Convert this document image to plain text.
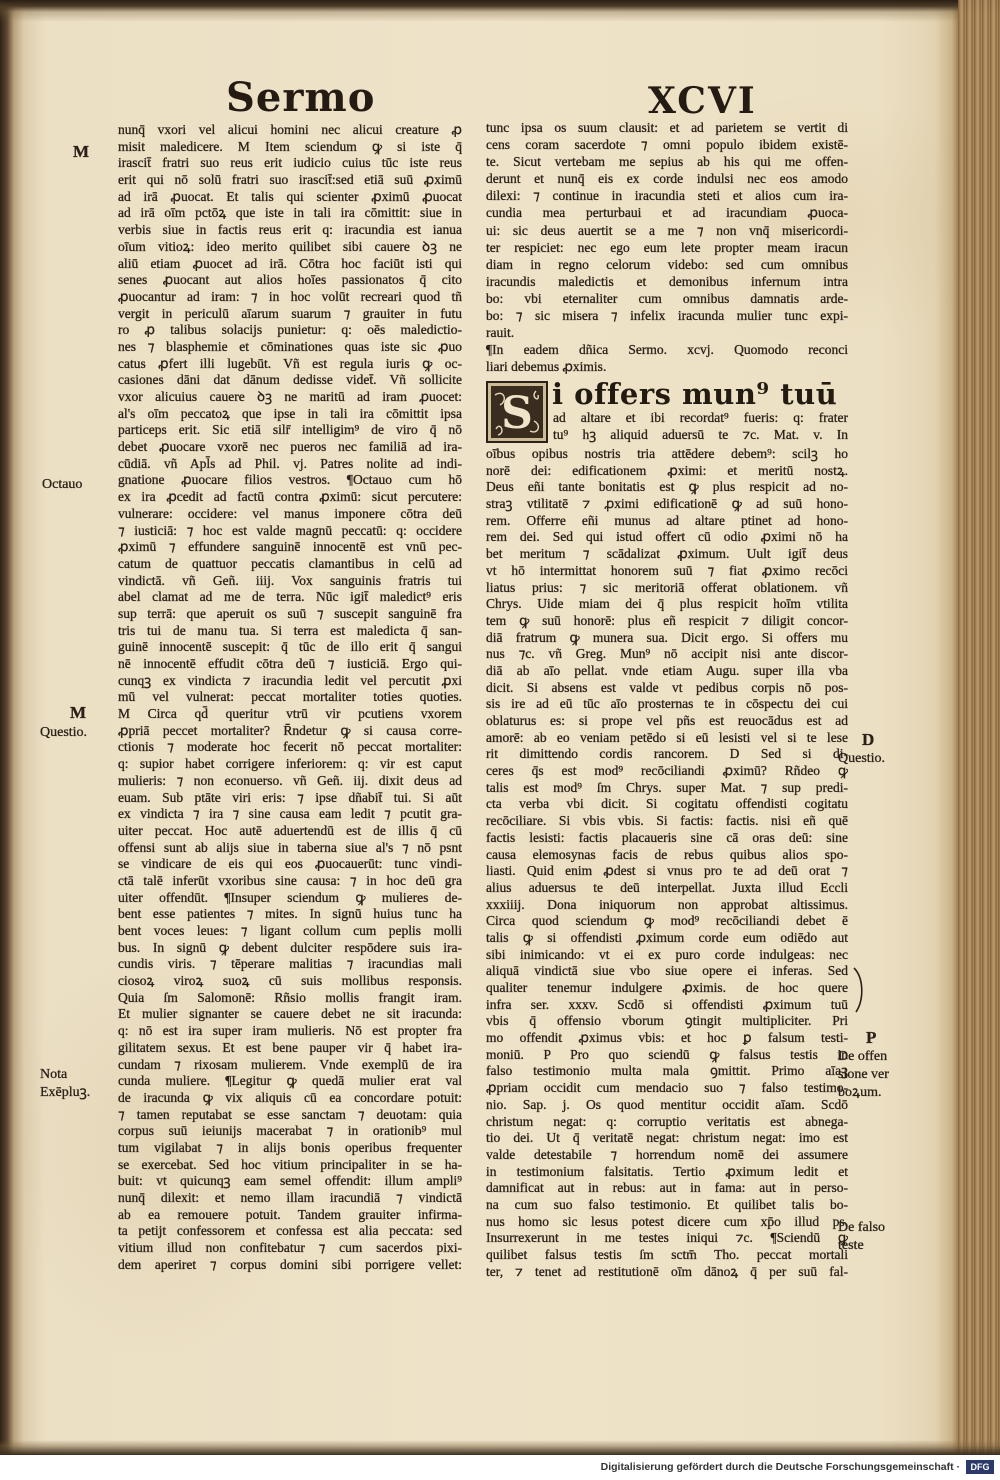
Sermo	XCVI
M
Octauo
M
Questio.
Nota
Exēpluꝫ.
nunq̄ vxori vel alicui homini nec alicui creature ꝓ
misit maledicere. M Item sciendum ꝙ si iste q̄
irascit̄ fratri suo reus erit iudicio cuius tūc iste reus
erit qui nō solū fratri suo irascit̄:sed etiā suū ꝓximū
ad irā ꝓuocat. Et talis qui scienter ꝓximū ꝓuocat
ad irā oīm pctōꝝ que iste in tali ira cōmittit: siue in
verbis siue in factis reus erit q: iracundia est ianua
oīum vitioꝝ: ideo merito quilibet sibi cauere ꝺꝫ ne
aliū etiam ꝓuocet ad irā. Cōtra hoc faciūt isti qui
senes ꝓuocant aut alios hoīes passionatos q̄ cito
ꝓuocantur ad iram: ⁊ in hoc volūt recreari quod tñ
vergit in periculū aīarum suarum ⁊ grauiter in futu
ro ꝓ talibus solacijs punietur: q: oēs maledictio-
nes ⁊ blasphemie et cōminationes quas iste sic ꝓuo
catus ꝓfert illi lugebūt. Vñ est regula iuris ꝙ oc-
casiones dāni dat dānum dedisse videt̄. Vñ sollicite
vxor alicuius cauere ꝺꝫ ne maritū ad iram ꝓuocet:
al's oīm peccatoꝝ que ipse in tali ira cōmittit ipsa
particeps erit. Sic etiā silr̄ intelligim⁹ de viro q̄ nō
debet ꝓuocare vxorē nec pueros nec familiā ad ira-
cūdiā. vñ Apl̄s ad Phil. vj. Patres nolite ad indi-
gnatione ꝓuocare filios vestros. ¶Octauo cum hō
ex ira ꝓcedit ad factū contra ꝓximū: sicut percutere:
vulnerare: occidere: vel manus imponere cōtra deū
⁊ iusticiā: ⁊ hoc est valde magnū peccatū: q: occidere
ꝓximū ⁊ effundere sanguinē innocentē est vnū pec-
catum de quattuor peccatis clamantibus in celū ad
vindictā. vñ Geñ. iiij. Vox sanguinis fratris tui
abel clamat ad me de terra. Nūc igit̄ maledict⁹ eris
sup terrā: que aperuit os suū ⁊ suscepit sanguinē fra
tris tui de manu tua. Si terra est maledicta q̄ san-
guinē innocentē suscepit: q̄ tūc de illo erit q̄ sangui
nē innocentē effudit cōtra deū ⁊ iusticiā. Ergo qui-
cunqꝫ ex vindicta ⁊ iracundia ledit vel percutit ꝓxi
mū vel vulnerat: peccat mortaliter toties quoties.
M Circa qd̄ queritur vtrū vir pcutiens vxorem
ꝓpriā peccet mortaliter? R̄ndetur ꝙ si causa corre-
ctionis ⁊ moderate hoc fecerit nō peccat mortaliter:
q: supior habet corrigere inferiorem: q: vir est caput
mulieris: ⁊ non econuerso. vñ Geñ. iij. dixit deus ad
euam. Sub ptāte viri eris: ⁊ ipse dñabit̄ tui. Si aūt
ex vindicta ⁊ ira ⁊ sine causa eam ledit ⁊ pcutit gra-
uiter peccat. Hoc autē aduertendū est de illis q̄ cū
offensi sunt ab alijs siue in taberna siue al's ⁊ nō psnt
se vindicare de eis qui eos ꝓuocauerūt: tunc vindi-
ctā talē inferūt vxoribus sine causa: ⁊ in hoc deū gra
uiter offendūt. ¶Insuper sciendum ꝙ mulieres de-
bent esse patientes ⁊ mites. In signū huius tunc ha
bent voces leues: ⁊ ligant collum cum peplis molli
bus. In signū ꝙ debent dulciter respōdere suis ira-
cundis viris. ⁊ tēperare malitias ⁊ iracundias mali
ciosoꝝ viroꝝ suoꝝ cū suis mollibus responsis.
Quia ſm Salomonē: Rñsio mollis frangit iram.
Et mulier signanter se cauere debet ne sit iracunda:
q: nō est ira super iram mulieris. Nō est propter fra
gilitatem sexus. Et est bene pauper vir q̄ habet ira-
cundam ⁊ rixosam mulierem. Vnde exemplū de ira
cunda muliere. ¶Legitur ꝙ quedā mulier erat val
de iracunda ꝙ vix aliquis cū ea concordare potuit:
⁊ tamen reputabat se esse sanctam ⁊ deuotam: quia
corpus suū ieiunijs macerabat ⁊ in orationib⁹ mul
tum vigilabat ⁊ in alijs bonis operibus frequenter
se exercebat. Sed hoc vitium principaliter in se ha-
buit: vt quicunqꝫ eam semel offendit: illum ampli⁹
nunq̄ dilexit: et nemo illam iracundiā ⁊ vindictā
ab ea remouere potuit. Tandem grauiter infirma-
ta petijt confessorem et confessa est alia peccata: sed
vitium illud non confitebatur ⁊ cum sacerdos pixi-
dem aperiret ⁊ corpus domini sibi porrigere vellet:
tunc ipsa os suum clausit: et ad parietem se vertit di
cens coram sacerdote ⁊ omni populo ibidem existē-
te. Sicut vertebam me sepius ab his qui me offen-
derunt et nunq̄ eis ex corde indulsi nec eos amodo
dilexi: ⁊ continue in iracundia steti et alios cum ira-
cundia mea perturbaui et ad iracundiam ꝓuoca-
ui: sic deus auertit se a me ⁊ non vnq̄ misericordi-
ter respiciet: nec ego eum lete propter meam iracun
diam in regno celorum videbo: sed cum omnibus
iracundis maledictis et demonibus infernum intra
bo: vbi eternaliter cum omnibus damnatis arde-
bo: ⁊ sic misera ⁊ infelix iracunda mulier tunc expi-
rauit.
¶In eadem dñica Sermo. xcvj. Quomodo reconci
liari debemus ꝓximis.
S i offers mun⁹ tuū
ad altare et ibi recordat⁹ fueris: q: frater
tu⁹ hꝫ aliquid aduersū te ⁊c. Mat. v. In
oībus opibus nostris tria attēdere debem⁹: scilꝫ ho
norē dei: edificationem ꝓximi: et meritū nostꝝ.
Deus eñi tante bonitatis est ꝙ plus respicit ad no-
straꝫ vtilitatē ⁊ ꝓximi edificationē ꝙ ad suū hono-
rem. Offerre eñi munus ad altare ptinet ad hono-
rem dei. Sed qui istud offert cū odio ꝓximi nō ha
bet meritum ⁊ scādalizat ꝓximum. Uult igit̄ deus
vt hō intermittat honorem suū ⁊ fiat ꝓximo recōci
liatus prius: ⁊ sic meritoriā offerat oblationem. vñ
Chrys. Uide miam dei q̄ plus respicit hoīm vtilita
tem ꝙ suū honorē: plus eñ respicit ⁊ diligit concor-
diā fratrum ꝙ munera sua. Dicit ergo. Si offers mu
nus ⁊c. vñ Greg. Mun⁹ nō accipit nisi ante discor-
diā ab aīo pellat. vnde etiam Augu. super illa vba
dicit. Si absens est valde vt pedibus corpis nō pos-
sis ire ad eū tūc aīo prosternas te in cōspectu dei cui
oblaturus es: si prope vel pñs est reuocādus est ad
amorē: ab eo veniam petēdo si eū lesisti vel si te lese
rit dimittendo cordis rancorem. D Sed si di-
ceres q̄s est mod⁹ recōciliandi ꝓximū? Rñdeo ꝙ
talis est mod⁹ ſm Chrys. super Mat. ⁊ sup predi-
cta verba vbi dicit. Si cogitatu offendisti cogitatu
recōciliare. Si vbis vbis. Si factis: factis. nisi eñ quē
factis lesisti: factis placaueris sine cā oras deū: sine
causa elemosynas facis de rebus quibus alios spo-
liasti. Quid enim ꝓdest si vnus pro te ad deū orat ⁊
alius aduersus te deū interpellat. Juxta illud Eccli
xxxiiij. Dona iniquorum non approbat altissimus.
Circa quod sciendum ꝙ mod⁹ recōciliandi debet ē
talis ꝙ si offendisti ꝓximum corde eum odiēdo aut
sibi inimicando: vt ei ex puro corde indulgeas: nec
aliquā vindictā siue vbo siue opere ei inferas. Sed
qualiter tenemur indulgere ꝓximis. de hoc quere
infra ser. xxxv. Scdō si offendisti ꝓximum tuū
vbis q̄ offensio vborum ꝯtingit multipliciter. Pri
mo offendit ꝓximus vbis: et hoc ꝑ falsum testi-
moniū. P Pro quo sciendū ꝙ falsus testis in
falso testimonio multa mala ꝯmittit. Primo aīaꝫ
ꝓpriam occidit cum mendacio suo ⁊ falso testimo-
nio. Sap. j. Os quod mentitur occidit aīam. Scdō
christum negat: q: corruptio veritatis est abnega-
tio dei. Ut q̄ veritatē negat: christum negat: imo est
valde detestabile ⁊ horrendum nomē dei assumere
in testimonium falsitatis. Tertio ꝓximum ledit et
damnificat aut in rebus: aut in fama: aut in perso-
na cum suo falso testimonio. Et quilibet talis bo-
nus homo sic lesus potest dicere cum xp̄o illud ps.
Insurrexerunt in me testes iniqui ⁊c. ¶Sciendū ꝙ
quilibet falsus testis ſm sctm̄ Tho. peccat mortali
ter, ⁊ tenet ad restitutionē oīm dānoꝝ q̄ per suū fal-
D
Questio.
P
De offen
sione ver
boꝝum.
De falso
teste
Digitalisierung gefördert durch die Deutsche Forschungsgemeinschaft ·	DFG
